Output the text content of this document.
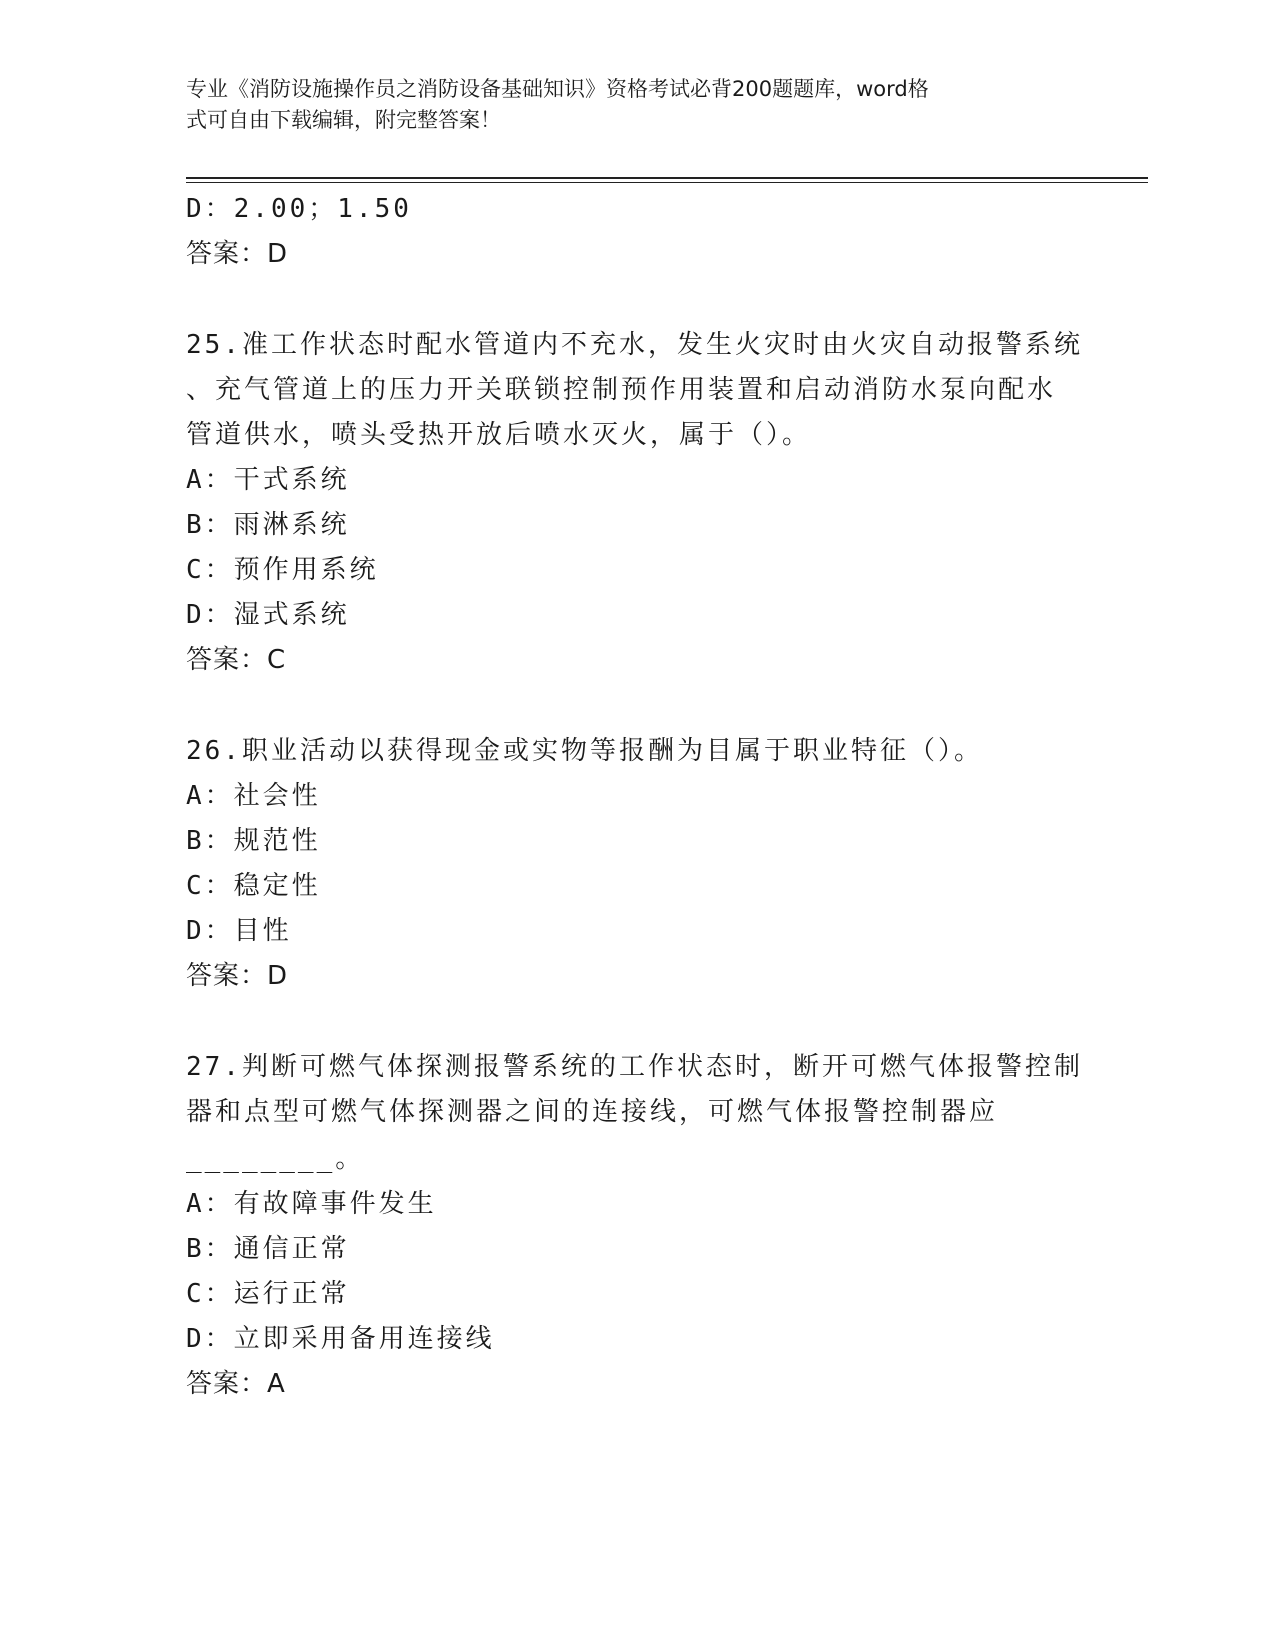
专业《消防设施操作员之消防设备基础知识》资格考试必背200题题库，word格
式可自由下载编辑，附完整答案！
D：2.00；1.50
答案：D
25.准工作状态时配水管道内不充水，发生火灾时由火灾自动报警系统
、充气管道上的压力开关联锁控制预作用装置和启动消防水泵向配水
管道供水，喷头受热开放后喷水灭火，属于（）。
A：干式系统
B：雨淋系统
C：预作用系统
D：湿式系统
答案：C
26.职业活动以获得现金或实物等报酬为目属于职业特征（）。
A：社会性
B：规范性
C：稳定性
D：目性
答案：D
27.判断可燃气体探测报警系统的工作状态时，断开可燃气体报警控制
器和点型可燃气体探测器之间的连接线，可燃气体报警控制器应
________。
A：有故障事件发生
B：通信正常
C：运行正常
D：立即采用备用连接线
答案：A
